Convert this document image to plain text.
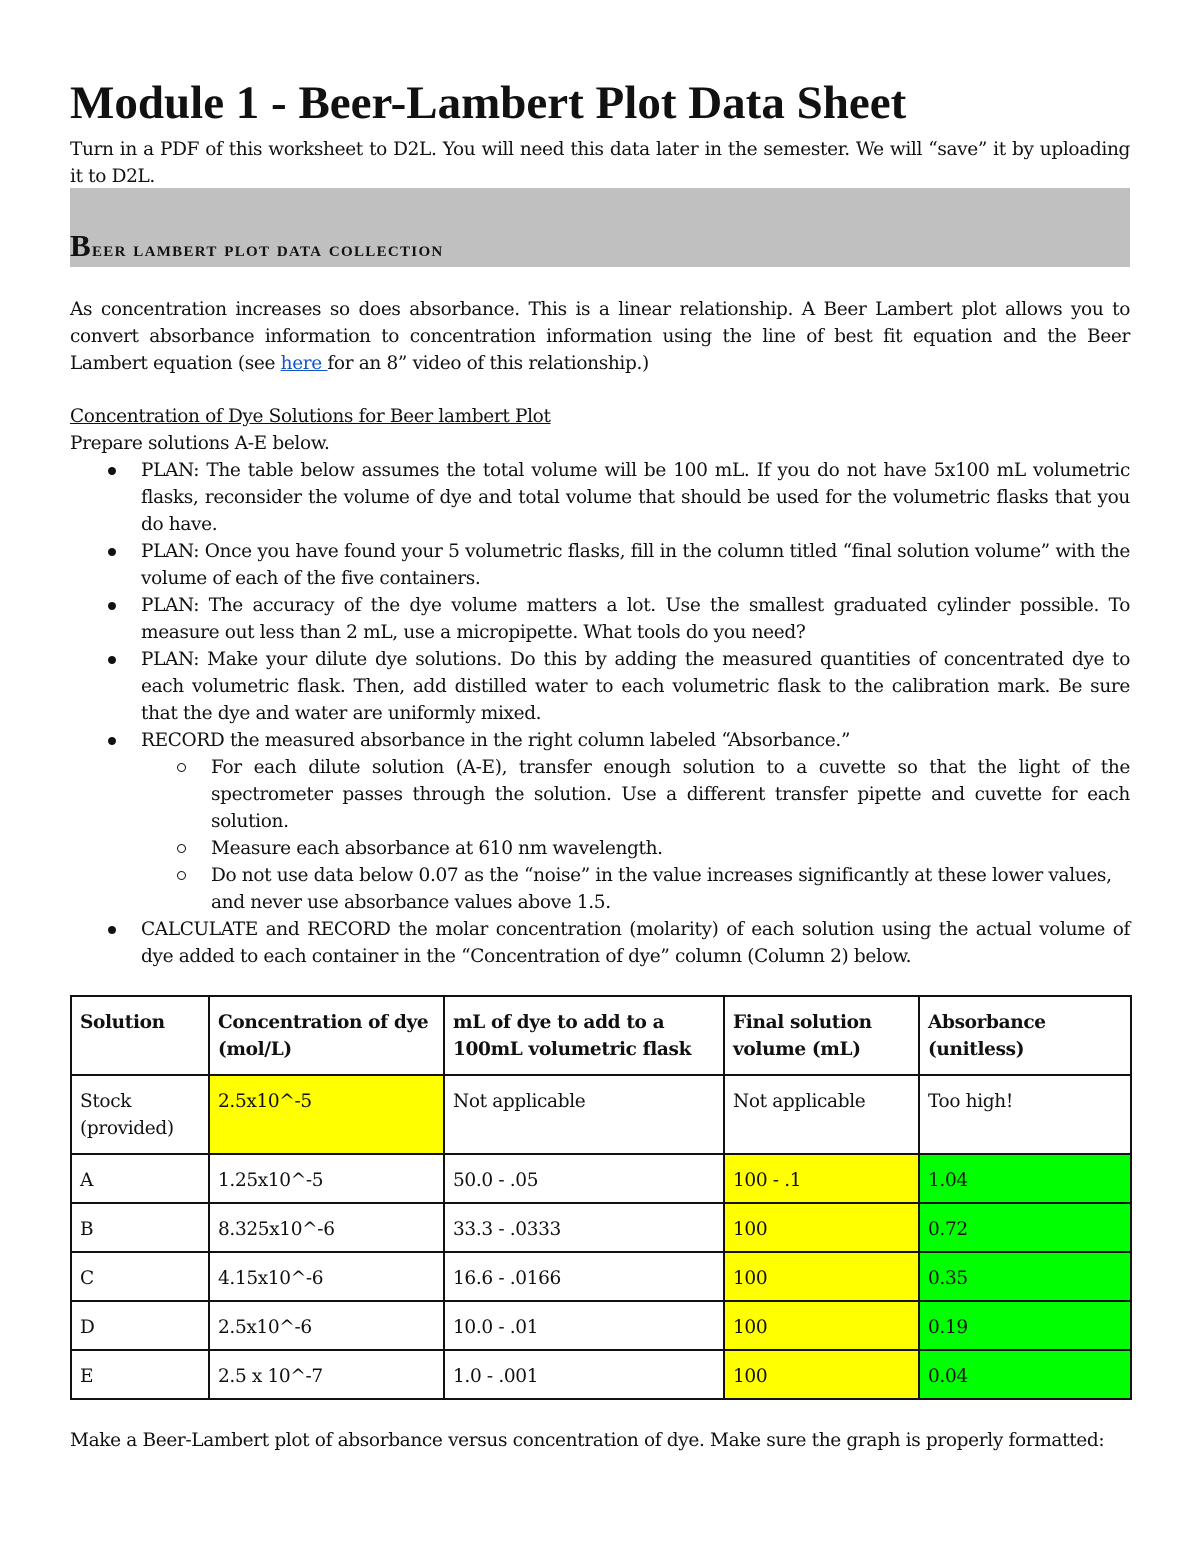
Module 1 - Beer-Lambert Plot Data Sheet
Turn in a PDF of this worksheet to D2L. You will need this data later in the semester. We will “save” it by uploading it to D2L.
Beer lambert plot data collection
As concentration increases so does absorbance. This is a linear relationship. A Beer Lambert plot allows you to convert absorbance information to concentration information using the line of best fit equation and the Beer Lambert equation (see here for an 8” video of this relationship.)
Concentration of Dye Solutions for Beer lambert Plot
Prepare solutions A-E below.
PLAN: The table below assumes the total volume will be 100 mL. If you do not have 5x100 mL volumetric flasks, reconsider the volume of dye and total volume that should be used for the volumetric flasks that you do have.
PLAN: Once you have found your 5 volumetric flasks, fill in the column titled “final solution volume” with the volume of each of the five containers.
PLAN: The accuracy of the dye volume matters a lot. Use the smallest graduated cylinder possible. To measure out less than 2 mL, use a micropipette. What tools do you need?
PLAN: Make your dilute dye solutions. Do this by adding the measured quantities of concentrated dye to each volumetric flask. Then, add distilled water to each volumetric flask to the calibration mark. Be sure that the dye and water are uniformly mixed.
RECORD the measured absorbance in the right column labeled “Absorbance.”
For each dilute solution (A-E), transfer enough solution to a cuvette so that the light of the spectrometer passes through the solution. Use a different transfer pipette and cuvette for each solution.
Measure each absorbance at 610 nm wavelength.
Do not use data below 0.07 as the “noise” in the value increases significantly at these lower values, and never use absorbance values above 1.5.
CALCULATE and RECORD the molar concentration (molarity) of each solution using the actual volume of dye added to each container in the “Concentration of dye” column (Column 2) below.
Solution	Concentration of dye (mol/L)	mL of dye to add to a 100mL volumetric flask	Final solution volume (mL)	Absorbance (unitless)
Stock (provided)	2.5x10^-5	Not applicable	Not applicable	Too high!
A	1.25x10^-5	50.0 - .05	100 - .1	1.04
B	8.325x10^-6	33.3 - .0333	100	0.72
C	4.15x10^-6	16.6 - .0166	100	0.35
D	2.5x10^-6	10.0 - .01	100	0.19
E	2.5 x 10^-7	1.0 - .001	100	0.04
Make a Beer-Lambert plot of absorbance versus concentration of dye. Make sure the graph is properly formatted:
